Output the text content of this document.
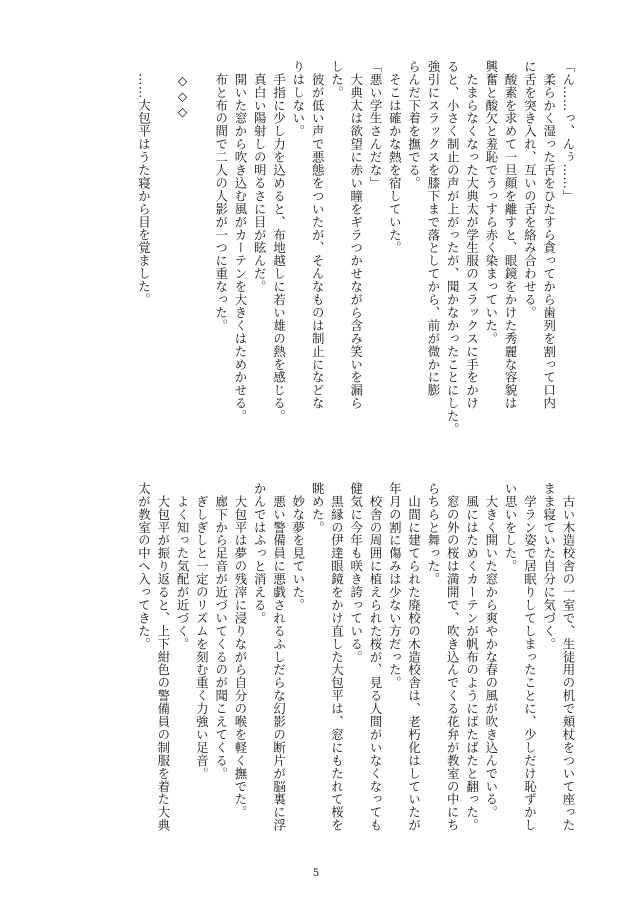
「ん……っ、んぅ……」
　柔らかく湿った舌をひたすら貪ってから歯列を割って口内
に舌を突き入れ、互いの舌を絡み合わせる。
　酸素を求めて一旦顔を離すと、眼鏡をかけた秀麗な容貌は
興奮と酸欠と羞恥でうっすら赤く染まっていた。
　たまらなくなった大典太が学生服のスラックスに手をかけ
ると、小さく制止の声が上がったが、聞かなかったことにした。
強引にスラックスを膝下まで落としてから、前が微かに膨
らんだ下着を撫でる。
　そこは確かな熱を宿していた。
「悪い学生さんだな」
　大典太は欲望に赤い瞳をギラつかせながら含み笑いを漏ら
した。
　彼が低い声で悪態をついたが、そんなものは制止になどな
りはしない。
　手指に少し力を込めると、布地越しに若い雄の熱を感じる。
　真白い陽射しの明るさに目が眩んだ。
　開いた窓から吹き込む風がカーテンを大きくはためかせる。
　布と布の間で二人の人影が一つに重なった。

　◇◇◇

　……大包平はうた寝から目を覚ました。
　古い木造校舎の一室で、生徒用の机で頬杖をついて座った
まま寝ていた自分に気づく。
　学ラン姿で居眠りしてしまったことに、少しだけ恥ずかし
い思いをした。
　大きく開いた窓から爽やかな春の風が吹き込んでいる。
　風にはためくカーテンが帆布のようにばたばたと翻った。
　窓の外の桜は満開で、吹き込んでくる花弁が教室の中にち
らちらと舞った。
　山間に建てられた廃校の木造校舎は、老朽化はしていたが
年月の割に傷みは少ない方だった。
　校舎の周囲に植えられた桜が、見る人間がいなくなっても
健気に今年も咲き誇っている。
　黒縁の伊達眼鏡をかけ直した大包平は、窓にもたれて桜を
眺めた。
　妙な夢を見ていた。
　悪い警備員に悪戯されるふしだらな幻影の断片が脳裏に浮
かんではふっと消える。
　大包平は夢の残滓に浸りながら自分の喉を軽く撫でた。
　廊下から足音が近づいてくるのが聞こえてくる。
　ぎしぎしと一定のリズムを刻む重く力強い足音。
　よく知った気配が近づく。
　大包平が振り返ると、上下紺色の警備員の制服を着た大典
太が教室の中へ入ってきた。
5
